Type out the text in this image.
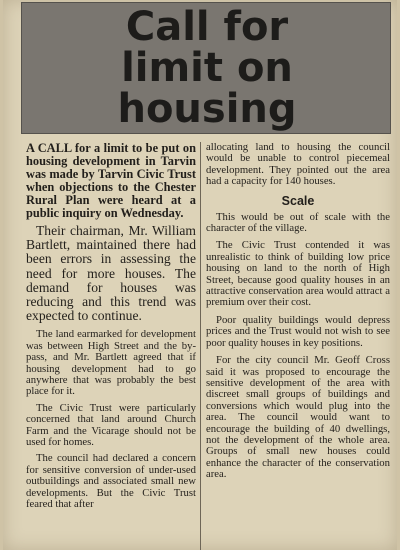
Call for
limit on
housing

A CALL for a limit to be put on housing development in Tarvin was made by Tarvin Civic Trust when objections to the Chester Rural Plan were heard at a public inquiry on Wednesday.

Their chairman, Mr. William Bartlett, maintained there had been errors in assessing the need for more houses. The demand for houses was reducing and this trend was expected to continue.

The land earmarked for development was between High Street and the by-pass, and Mr. Bartlett agreed that if housing development had to go anywhere that was probably the best place for it.

The Civic Trust were particularly concerned that land around Church Farm and the Vicarage should not be used for homes.

The council had declared a concern for sensitive conversion of under-used outbuildings and associated small new developments. But the Civic Trust feared that after

allocating land to housing the council would be unable to control piecemeal development. They pointed out the area had a capacity for 140 houses.

Scale

This would be out of scale with the character of the village.

The Civic Trust contended it was unrealistic to think of building low price housing on land to the north of High Street, because good quality houses in an attractive conservation area would attract a premium over their cost.

Poor quality buildings would depress prices and the Trust would not wish to see poor quality houses in key positions.

For the city council Mr. Geoff Cross said it was proposed to encourage the sensitive development of the area with discreet small groups of buildings and conversions which would plug into the area. The council would want to encourage the building of 40 dwellings, not the development of the whole area. Groups of small new houses could enhance the character of the conservation area.
